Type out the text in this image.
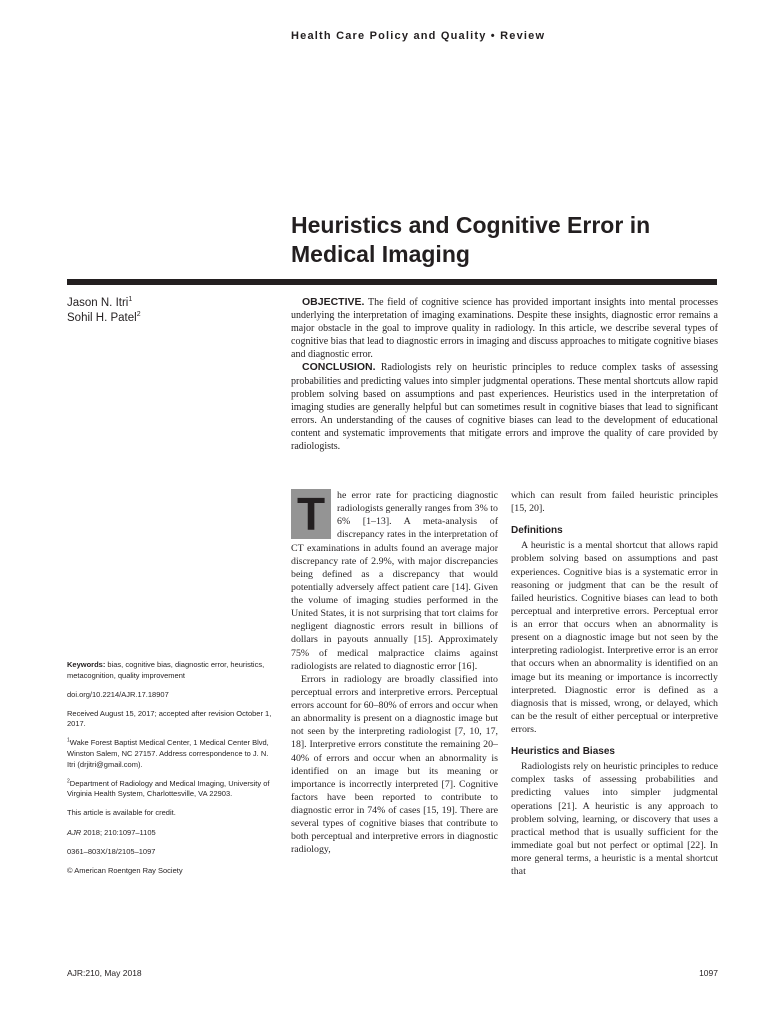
Health Care Policy and Quality • Review
Heuristics and Cognitive Error in Medical Imaging
Jason N. Itri$^1$
Sohil H. Patel$^2$

OBJECTIVE. The field of cognitive science has provided important insights into mental processes underlying the interpretation of imaging examinations. Despite these insights, diagnostic error remains a major obstacle in the goal to improve quality in radiology. In this article, we describe several types of cognitive bias that lead to diagnostic errors in imaging and discuss approaches to mitigate cognitive biases and diagnostic error.

CONCLUSION. Radiologists rely on heuristic principles to reduce complex tasks of assessing probabilities and predicting values into simpler judgmental operations. These mental shortcuts allow rapid problem solving based on assumptions and past experiences. Heuristics used in the interpretation of imaging studies are generally helpful but can sometimes result in cognitive biases that lead to significant errors. An understanding of the causes of cognitive biases can lead to the development of educational content and systematic improvements that mitigate errors and improve the quality of care provided by radiologists.

Keywords: bias, cognitive bias, diagnostic error, heuristics, metacognition, quality improvement

doi.org/10.2214/AJR.17.18907

Received August 15, 2017; accepted after revision October 1, 2017.

$^1$Wake Forest Baptist Medical Center, 1 Medical Center Blvd, Winston Salem, NC 27157. Address correspondence to J. N. Itri (drjitri@gmail.com).

$^2$Department of Radiology and Medical Imaging, University of Virginia Health System, Charlottesville, VA 22903.

This article is available for credit.

AJR 2018; 210:1097–1105

0361–803X/18/2105–1097

© American Roentgen Ray Society

T	he error rate for practicing diagnostic radiologists generally ranges from 3% to 6% [1–13]. A meta-analysis of discrepancy rates in the interpretation of CT examinations in adults found an average major discrepancy rate of 2.9%, with major discrepancies being defined as a discrepancy that would potentially adversely affect patient care [14]. Given the volume of imaging studies performed in the United States, it is not surprising that tort claims for negligent diagnostic errors result in billions of dollars in payouts annually [15]. Approximately 75% of medical malpractice claims against radiologists are related to diagnostic error [16].

Errors in radiology are broadly classified into perceptual errors and interpretive errors. Perceptual errors account for 60–80% of errors and occur when an abnormality is present on a diagnostic image but not seen by the interpreting radiologist [7, 10, 17, 18]. Interpretive errors constitute the remaining 20–40% of errors and occur when an abnormality is identified on an image but its meaning or importance is incorrectly interpreted [7]. Cognitive factors have been reported to contribute to diagnostic error in 74% of cases [15, 19]. There are several types of cognitive biases that contribute to both perceptual and interpretive errors in diagnostic radiology,

which can result from failed heuristic principles [15, 20].

Definitions

A heuristic is a mental shortcut that allows rapid problem solving based on assumptions and past experiences. Cognitive bias is a systematic error in reasoning or judgment that can be the result of failed heuristics. Cognitive biases can lead to both perceptual and interpretive errors. Perceptual error is an error that occurs when an abnormality is present on a diagnostic image but not seen by the interpreting radiologist. Interpretive error is an error that occurs when an abnormality is identified on an image but its meaning or importance is incorrectly interpreted. Diagnostic error is defined as a diagnosis that is missed, wrong, or delayed, which can be the result of either perceptual or interpretive errors.

Heuristics and Biases

Radiologists rely on heuristic principles to reduce complex tasks of assessing probabilities and predicting values into simpler judgmental operations [21]. A heuristic is any approach to problem solving, learning, or discovery that uses a practical method that is usually sufficient for the immediate goal but not perfect or optimal [22]. In more general terms, a heuristic is a mental shortcut that

AJR:210, May 2018	1097
